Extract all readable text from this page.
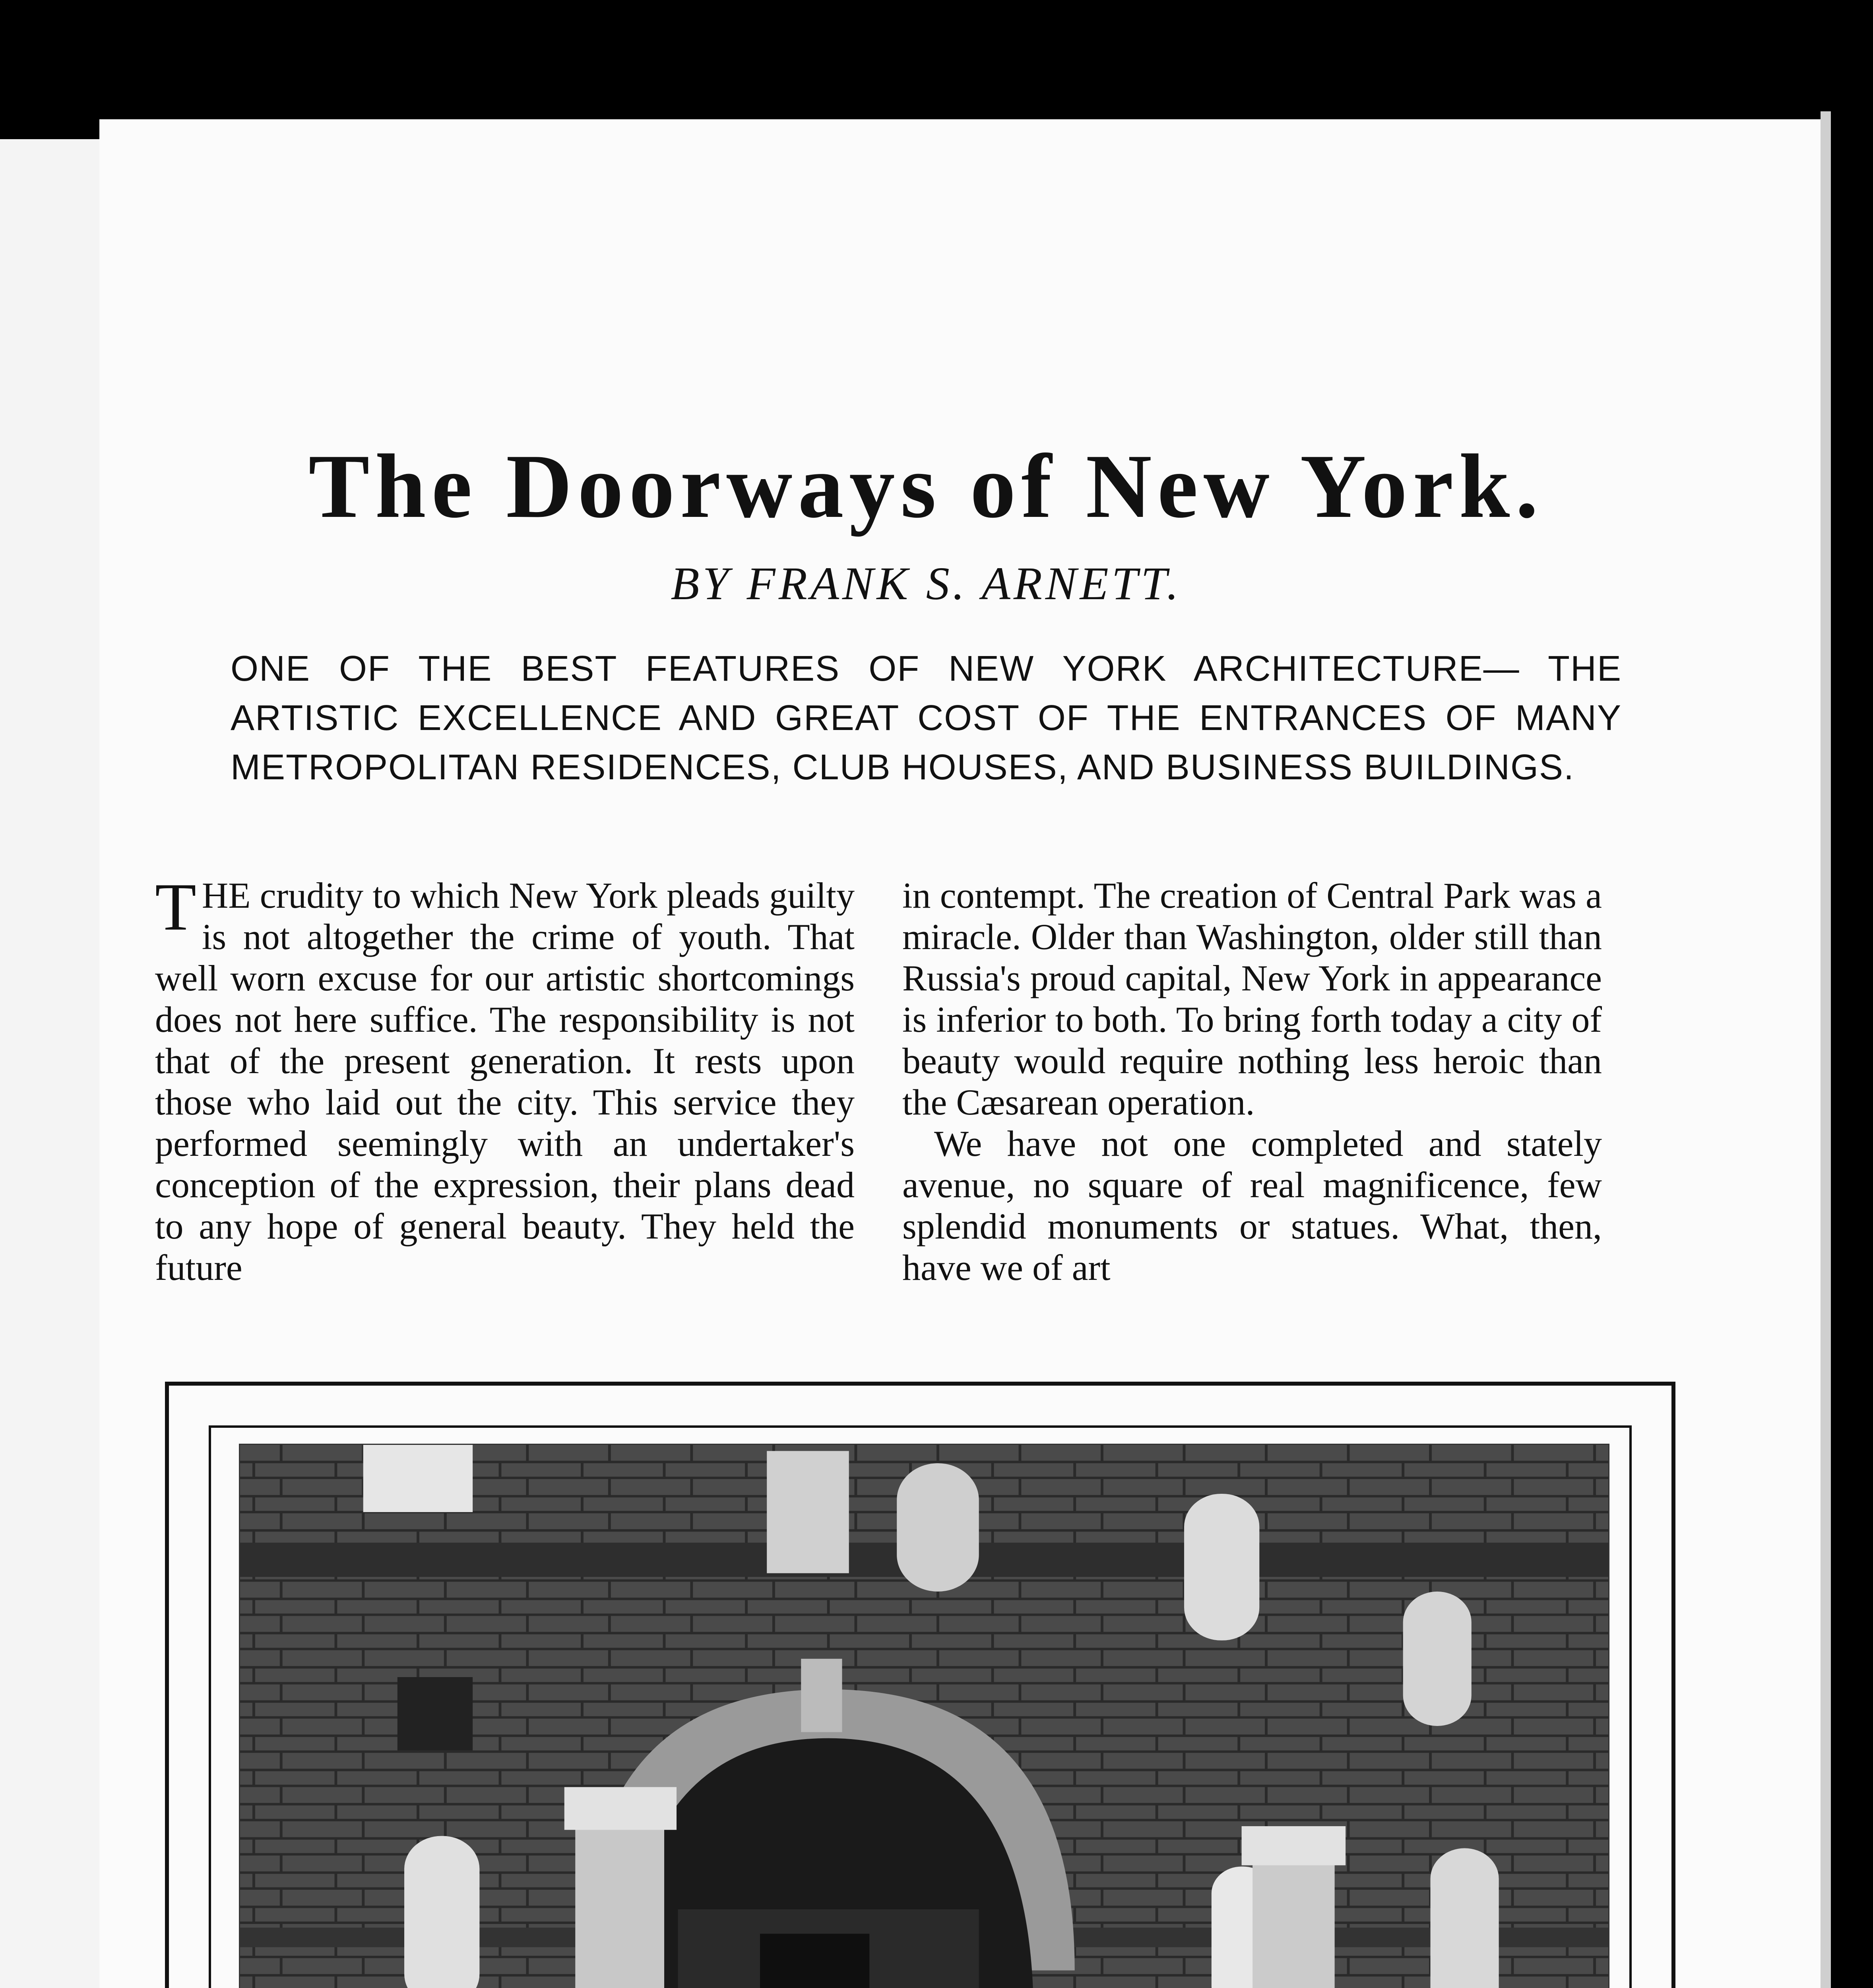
The Doorways of New York.
BY FRANK S. ARNETT.
ONE OF THE BEST FEATURES OF NEW YORK ARCHITECTURE— THE ARTISTIC EXCELLENCE AND GREAT COST OF THE ENTRANCES OF MANY METROPOLITAN RESIDENCES, CLUB HOUSES, AND BUSINESS BUILDINGS.

THE crudity to which New York pleads guilty is not altogether the crime of youth. That well worn excuse for our artistic shortcomings does not here suffice. The responsibility is not that of the present generation. It rests upon those who laid out the city. This service they performed seemingly with an undertaker's conception of the expression, their plans dead to any hope of general beauty. They held the future

in contempt. The creation of Central Park was a miracle. Older than Washington, older still than Russia's proud capital, New York in appearance is inferior to both. To bring forth today a city of beauty would require nothing less heroic than the Cæsarean operation.

We have not one completed and stately avenue, no square of real magnificence, few splendid monuments or statues. What, then, have we of art
